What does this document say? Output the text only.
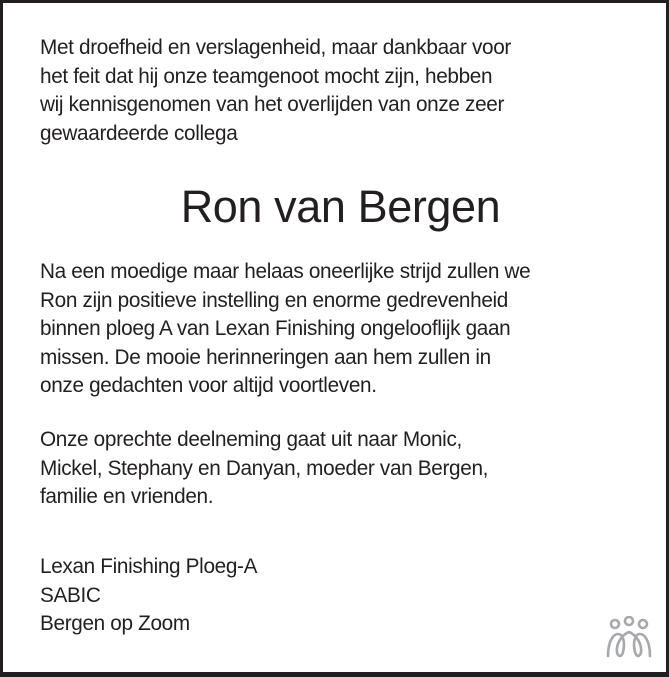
Met droefheid en verslagenheid, maar dankbaar voor
het feit dat hij onze teamgenoot mocht zijn, hebben
wij kennisgenomen van het overlijden van onze zeer
gewaardeerde collega

Ron van Bergen

Na een moedige maar helaas oneerlijke strijd zullen we
Ron zijn positieve instelling en enorme gedrevenheid
binnen ploeg A van Lexan Finishing ongelooflijk gaan
missen. De mooie herinneringen aan hem zullen in
onze gedachten voor altijd voortleven.

Onze oprechte deelneming gaat uit naar Monic,
Mickel, Stephany en Danyan, moeder van Bergen,
familie en vrienden.

Lexan Finishing Ploeg-A
SABIC
Bergen op Zoom
